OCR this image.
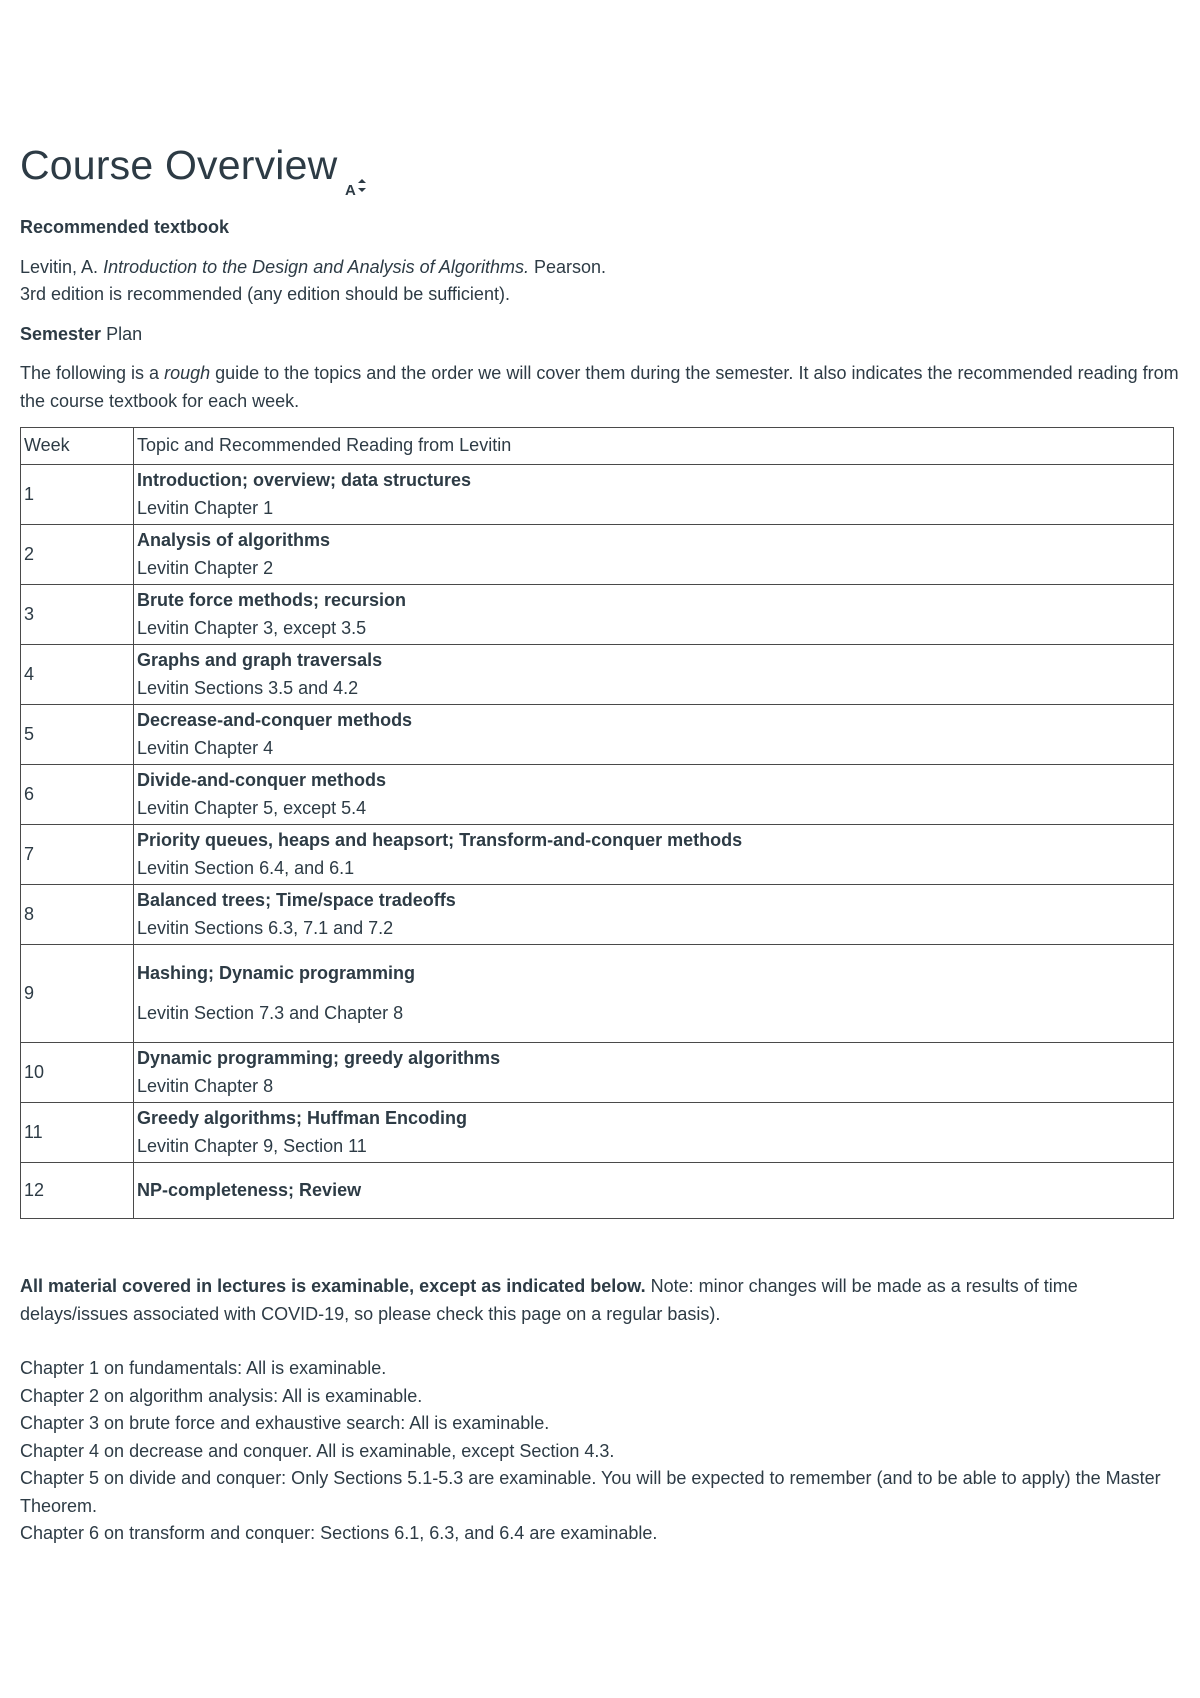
Course Overview
A

Recommended textbook

Levitin, A. Introduction to the Design and Analysis of Algorithms. Pearson.
3rd edition is recommended (any edition should be sufficient).

Semester Plan

The following is a rough guide to the topics and the order we will cover them during the semester. It also indicates the recommended reading from the course textbook for each week.

Week	Topic and Recommended Reading from Levitin
1	Introduction; overview; data structures
Levitin Chapter 1

2	Analysis of algorithms
Levitin Chapter 2

3	Brute force methods; recursion
Levitin Chapter 3, except 3.5

4	Graphs and graph traversals
Levitin Sections 3.5 and 4.2

5	Decrease-and-conquer methods
Levitin Chapter 4

6	Divide-and-conquer methods
Levitin Chapter 5, except 5.4

7	Priority queues, heaps and heapsort; Transform-and-conquer methods
Levitin Section 6.4, and 6.1

8	Balanced trees; Time/space tradeoffs
Levitin Sections 6.3, 7.1 and 7.2

9	Hashing; Dynamic programming
Levitin Section 7.3 and Chapter 8

10	Dynamic programming; greedy algorithms
Levitin Chapter 8

11	Greedy algorithms; Huffman Encoding
Levitin Chapter 9, Section 11

12	NP-completeness; Review

All material covered in lectures is examinable, except as indicated below. Note: minor changes will be made as a results of time delays/issues associated with COVID-19, so please check this page on a regular basis).

Chapter 1 on fundamentals: All is examinable.

Chapter 2 on algorithm analysis: All is examinable.

Chapter 3 on brute force and exhaustive search: All is examinable.

Chapter 4 on decrease and conquer. All is examinable, except Section 4.3.

Chapter 5 on divide and conquer: Only Sections 5.1-5.3 are examinable. You will be expected to remember (and to be able to apply) the Master Theorem.

Chapter 6 on transform and conquer: Sections 6.1, 6.3, and 6.4 are examinable.
